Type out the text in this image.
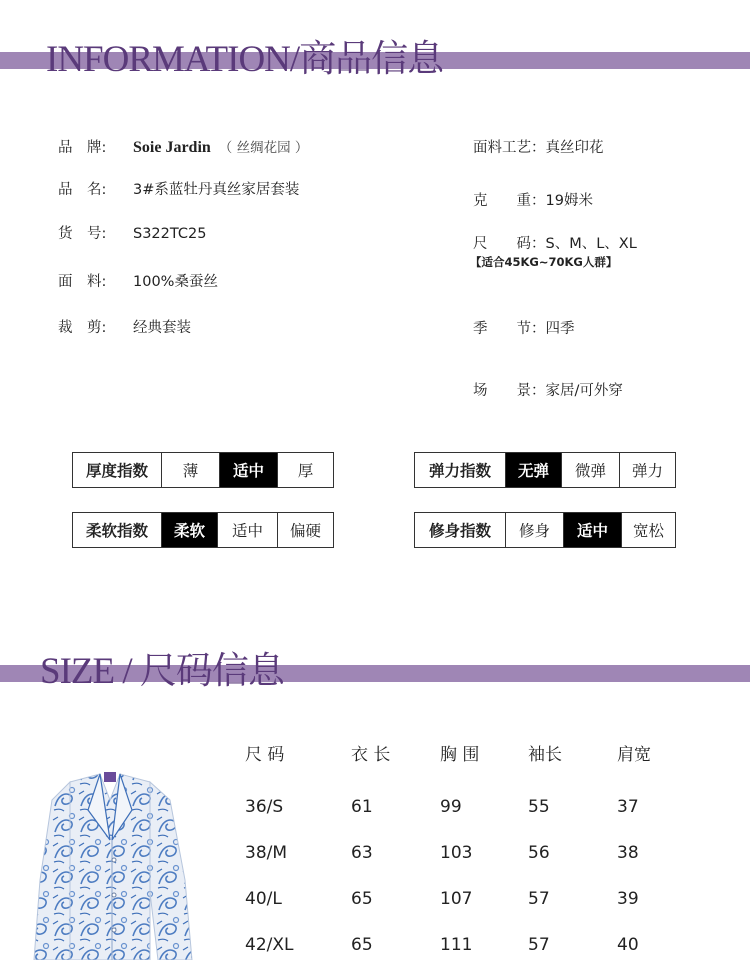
INFORMATION/商品信息
品　牌:	Soie Jardin （ 丝绸花园 ）
品　名:	3#系蓝牡丹真丝家居套装
货　号:	S322TC25
面　料:	100%桑蚕丝
裁　剪:	经典套装
面料工艺： 真丝印花
克　　重： 19姆米
尺　　码： S、M、L、XL
【适合45KG~70KG人群】
季　　节： 四季
场　　景： 家居/可外穿
厚度指数	薄	适中	厚	弹力指数	无弹	微弹	弹力
柔软指数	柔软	适中	偏硬	修身指数	修身	适中	宽松
SIZE / 尺码信息
尺 码	衣 长	胸 围	袖长	肩宽
36/S	61	99	55	37
38/M	63	103	56	38
40/L	65	107	57	39
42/XL	65	111	57	40
